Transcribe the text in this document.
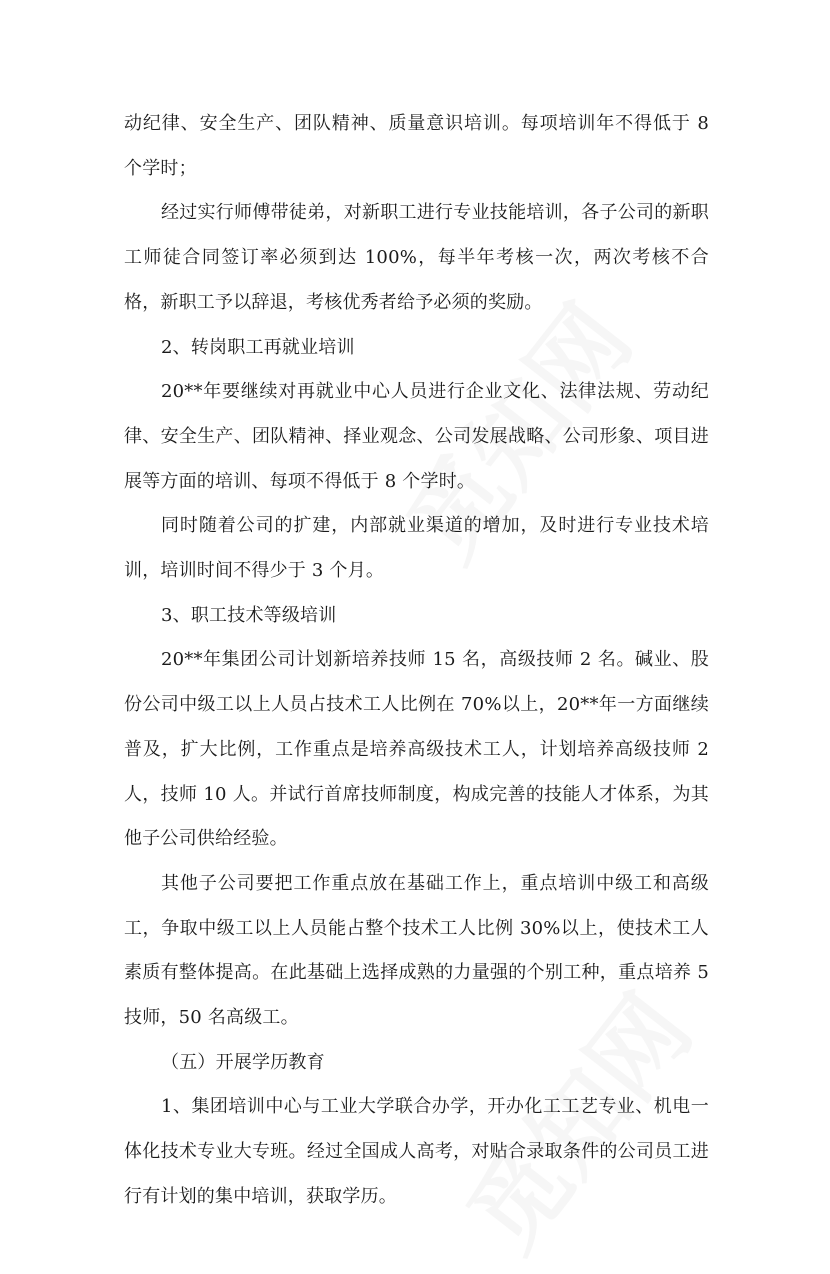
动纪律、安全生产、团队精神、质量意识培训。每项培训年不得低于 8 个学时；

经过实行师傅带徒弟，对新职工进行专业技能培训，各子公司的新职工师徒合同签订率必须到达 100%，每半年考核一次，两次考核不合格，新职工予以辞退，考核优秀者给予必须的奖励。

2、转岗职工再就业培训

20**年要继续对再就业中心人员进行企业文化、法律法规、劳动纪律、安全生产、团队精神、择业观念、公司发展战略、公司形象、项目进展等方面的培训、每项不得低于 8 个学时。

同时随着公司的扩建，内部就业渠道的增加，及时进行专业技术培训，培训时间不得少于 3 个月。

3、职工技术等级培训

20**年集团公司计划新培养技师 15 名，高级技师 2 名。碱业、股份公司中级工以上人员占技术工人比例在 70%以上，20**年一方面继续普及，扩大比例，工作重点是培养高级技术工人，计划培养高级技师 2 人，技师 10 人。并试行首席技师制度，构成完善的技能人才体系，为其他子公司供给经验。

其他子公司要把工作重点放在基础工作上，重点培训中级工和高级工，争取中级工以上人员能占整个技术工人比例 30%以上，使技术工人素质有整体提高。在此基础上选择成熟的力量强的个别工种，重点培养 5 技师，50 名高级工。

（五）开展学历教育

1、集团培训中心与工业大学联合办学，开办化工工艺专业、机电一体化技术专业大专班。经过全国成人高考，对贴合录取条件的公司员工进行有计划的集中培训，获取学历。
